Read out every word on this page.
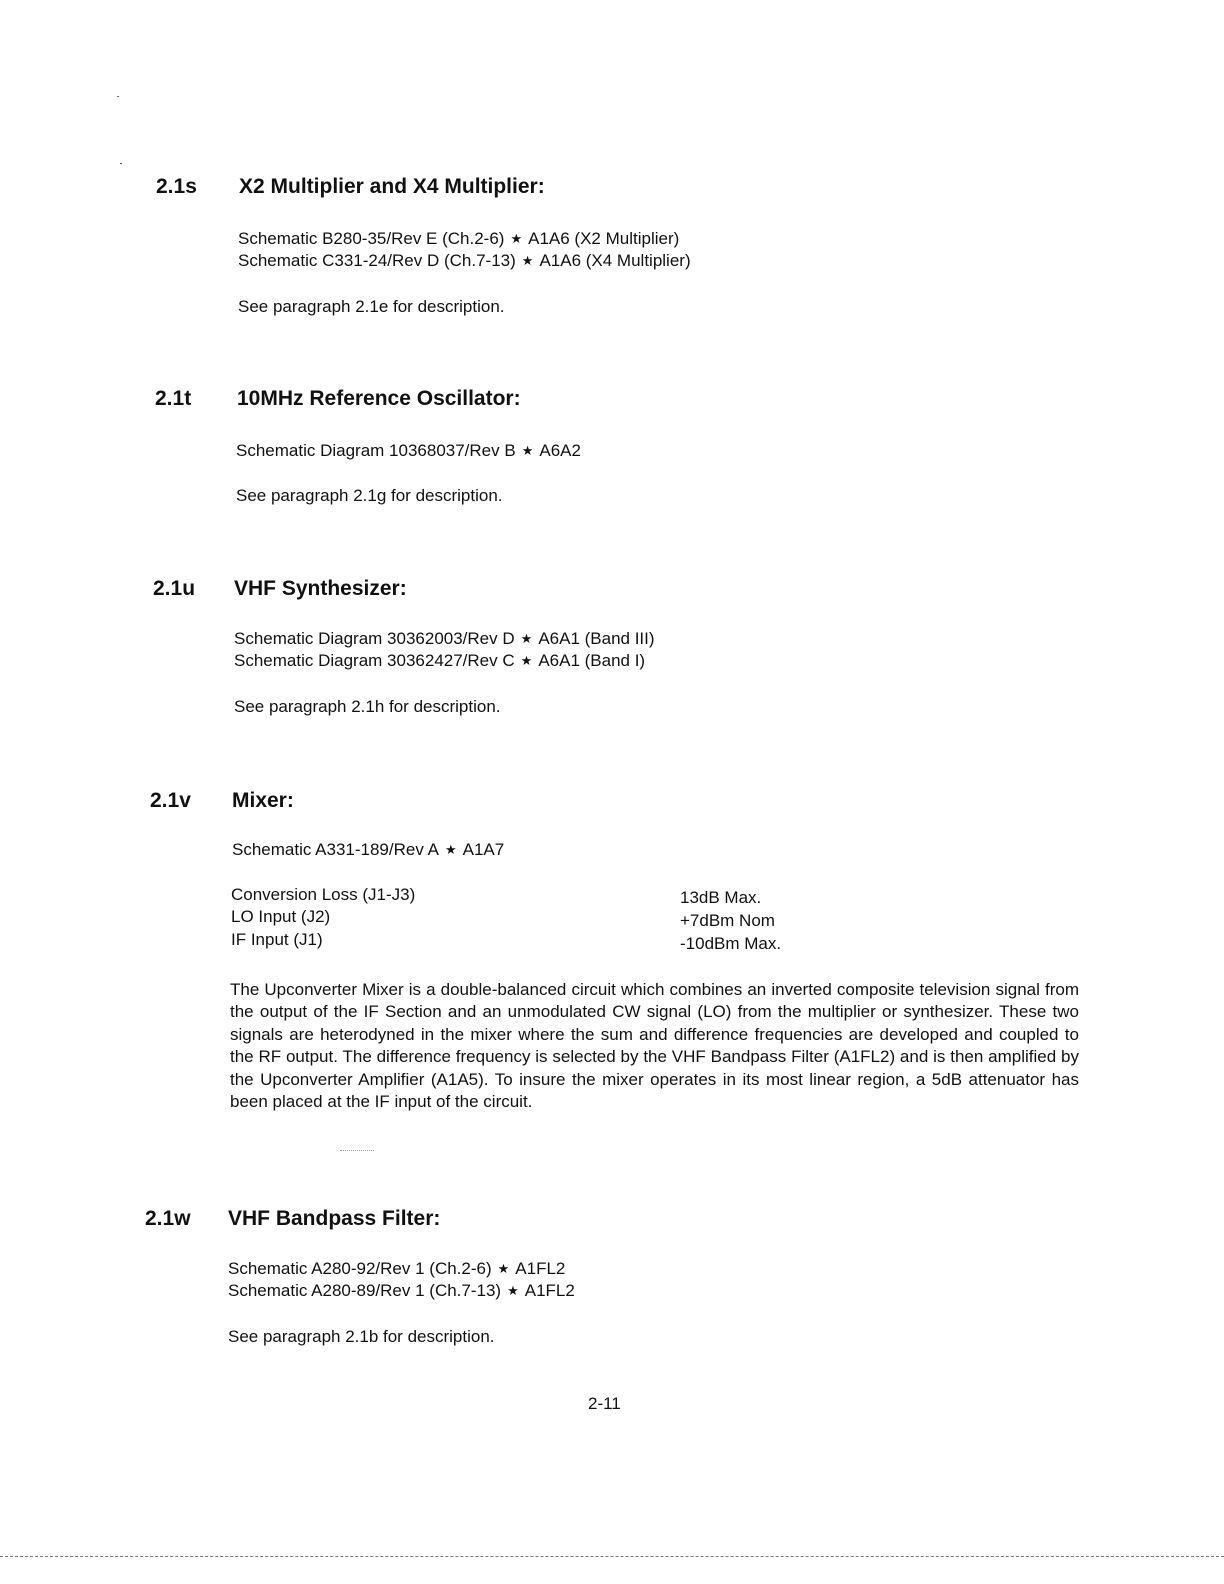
2.1s X2 Multiplier and X4 Multiplier:
Schematic B280-35/Rev E (Ch.2-6) ★ A1A6 (X2 Multiplier)
Schematic C331-24/Rev D (Ch.7-13) ★ A1A6 (X4 Multiplier)
See paragraph 2.1e for description.
2.1t 10MHz Reference Oscillator:
Schematic Diagram 10368037/Rev B ★ A6A2
See paragraph 2.1g for description.
2.1u VHF Synthesizer:
Schematic Diagram 30362003/Rev D ★ A6A1 (Band III)
Schematic Diagram 30362427/Rev C ★ A6A1 (Band I)
See paragraph 2.1h for description.
2.1v Mixer:
Schematic A331-189/Rev A ★ A1A7
Conversion Loss (J1-J3)	13dB Max.
LO Input (J2)	+7dBm Nom
IF Input (J1)	-10dBm Max.
The Upconverter Mixer is a double-balanced circuit which combines an inverted composite television signal from the output of the IF Section and an unmodulated CW signal (LO) from the multiplier or synthesizer. These two signals are heterodyned in the mixer where the sum and difference frequencies are developed and coupled to the RF output. The difference frequency is selected by the VHF Bandpass Filter (A1FL2) and is then amplified by the Upconverter Amplifier (A1A5). To insure the mixer operates in its most linear region, a 5dB attenuator has been placed at the IF input of the circuit.
2.1w VHF Bandpass Filter:
Schematic A280-92/Rev 1 (Ch.2-6) ★ A1FL2
Schematic A280-89/Rev 1 (Ch.7-13) ★ A1FL2
See paragraph 2.1b for description.
2-11
